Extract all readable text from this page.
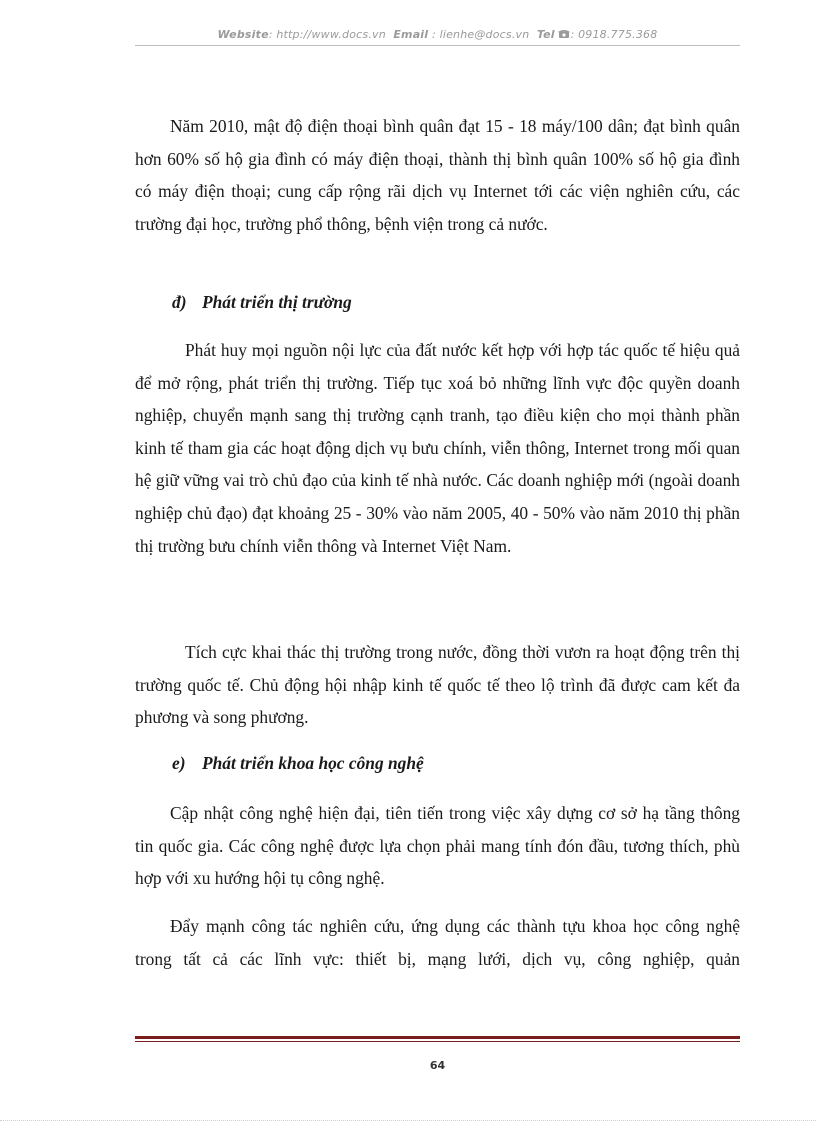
Website: http://www.docs.vn Email : lienhe@docs.vn Tel : 0918.775.368

Năm 2010, mật độ điện thoại bình quân đạt 15 - 18 máy/100 dân; đạt bình quân hơn 60% số hộ gia đình có máy điện thoại, thành thị bình quân 100% số hộ gia đình có máy điện thoại; cung cấp rộng rãi dịch vụ Internet tới các viện nghiên cứu, các trường đại học, trường phổ thông, bệnh viện trong cả nước.

đ) Phát triển thị trường

Phát huy mọi nguồn nội lực của đất nước kết hợp với hợp tác quốc tế hiệu quả để mở rộng, phát triển thị trường. Tiếp tục xoá bỏ những lĩnh vực độc quyền doanh nghiệp, chuyển mạnh sang thị trường cạnh tranh, tạo điều kiện cho mọi thành phần kinh tế tham gia các hoạt động dịch vụ bưu chính, viễn thông, Internet trong mối quan hệ giữ vững vai trò chủ đạo của kinh tế nhà nước. Các doanh nghiệp mới (ngoài doanh nghiệp chủ đạo) đạt khoảng 25 - 30% vào năm 2005, 40 - 50% vào năm 2010 thị phần thị trường bưu chính viễn thông và Internet Việt Nam.

Tích cực khai thác thị trường trong nước, đồng thời vươn ra hoạt động trên thị trường quốc tế. Chủ động hội nhập kinh tế quốc tế theo lộ trình đã được cam kết đa phương và song phương.

e) Phát triển khoa học công nghệ

Cập nhật công nghệ hiện đại, tiên tiến trong việc xây dựng cơ sở hạ tầng thông tin quốc gia. Các công nghệ được lựa chọn phải mang tính đón đầu, tương thích, phù hợp với xu hướng hội tụ công nghệ.

Đẩy mạnh công tác nghiên cứu, ứng dụng các thành tựu khoa học công nghệ trong tất cả các lĩnh vực: thiết bị, mạng lưới, dịch vụ, công nghiệp, quản

64
